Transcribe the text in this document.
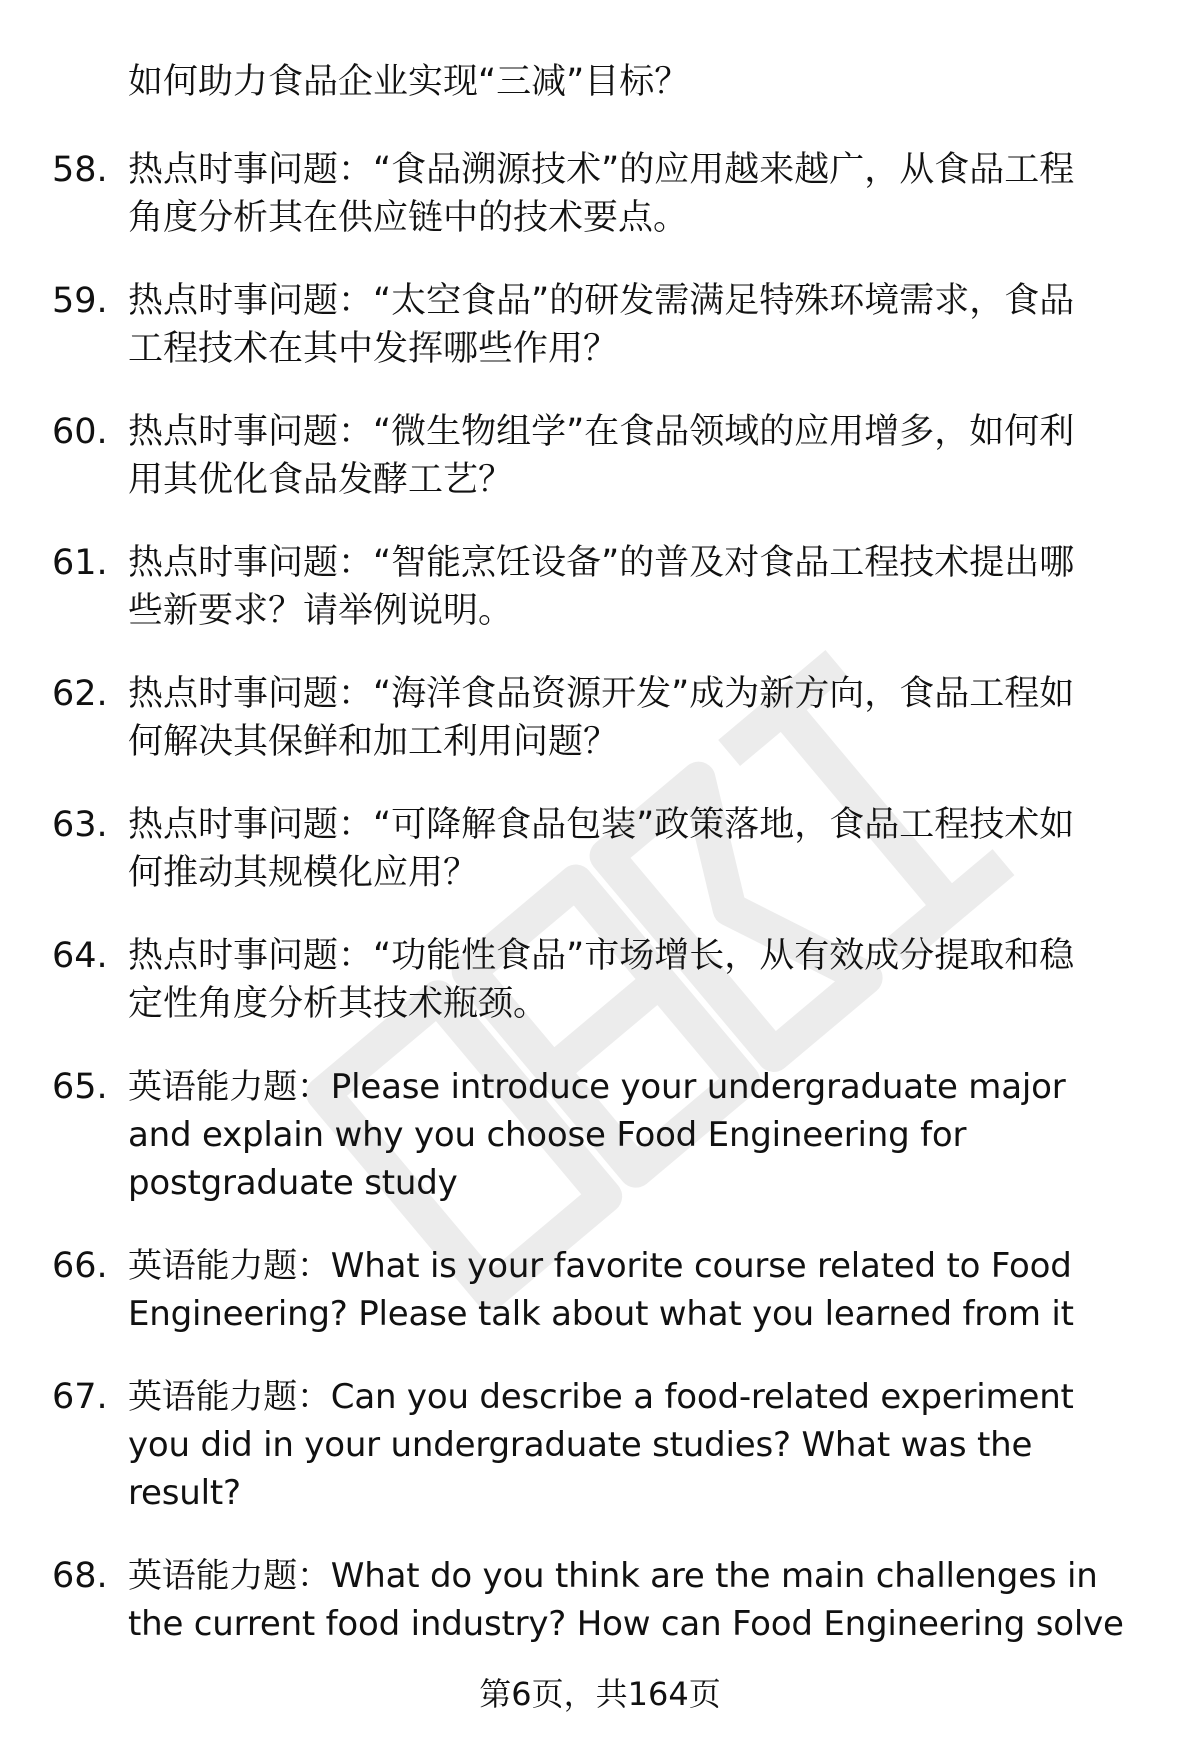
如何助力食品企业实现“三减”目标？
58. 热点时事问题：“食品溯源技术”的应用越来越广，从食品工程
角度分析其在供应链中的技术要点。
59. 热点时事问题：“太空食品”的研发需满足特殊环境需求，食品
工程技术在其中发挥哪些作用？
60. 热点时事问题：“微生物组学”在食品领域的应用增多，如何利
用其优化食品发酵工艺？
61. 热点时事问题：“智能烹饪设备”的普及对食品工程技术提出哪
些新要求？请举例说明。
62. 热点时事问题：“海洋食品资源开发”成为新方向，食品工程如
何解决其保鲜和加工利用问题？
63. 热点时事问题：“可降解食品包装”政策落地，食品工程技术如
何推动其规模化应用？
64. 热点时事问题：“功能性食品”市场增长，从有效成分提取和稳
定性角度分析其技术瓶颈。
65. 英语能力题：Please introduce your undergraduate major
and explain why you choose Food Engineering for
postgraduate study
66. 英语能力题：What is your favorite course related to Food
Engineering? Please talk about what you learned from it
67. 英语能力题：Can you describe a food-related experiment
you did in your undergraduate studies? What was the
result?
68. 英语能力题：What do you think are the main challenges in
the current food industry? How can Food Engineering solve
第6页，共164页
